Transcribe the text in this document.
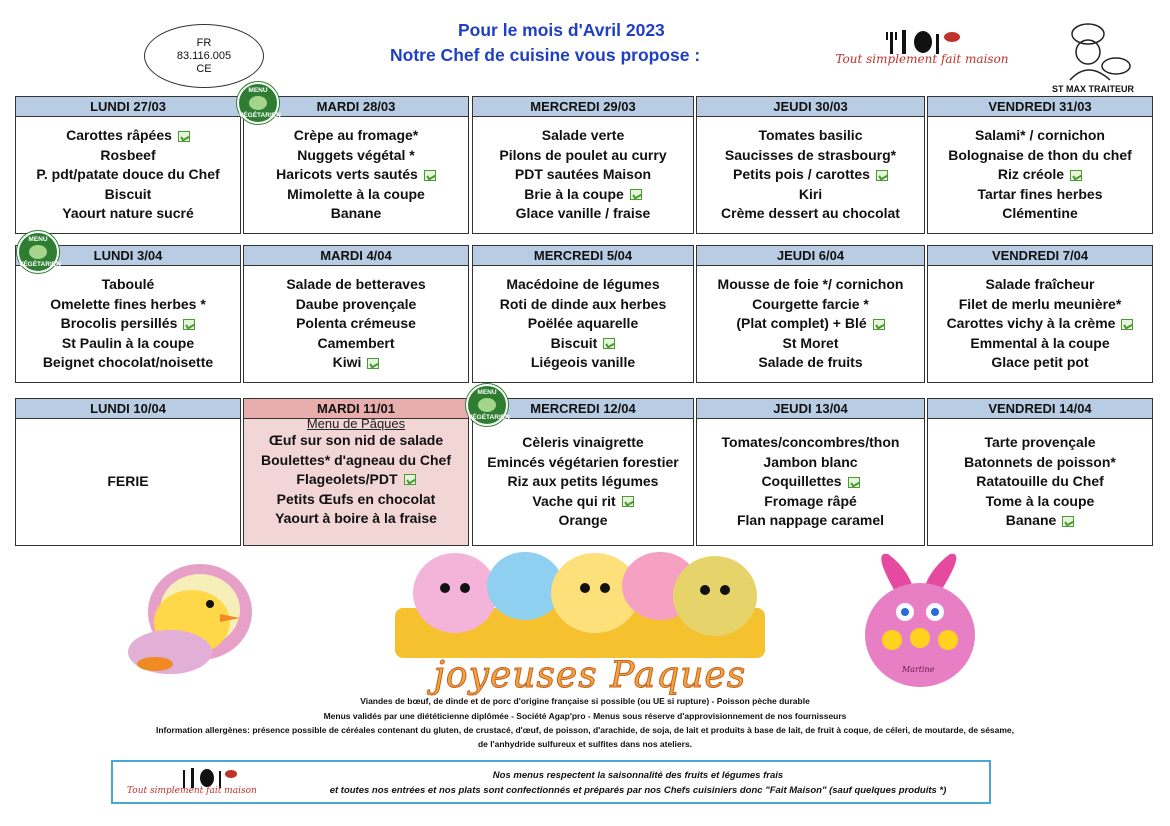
FR
83.116.005
CE
Pour le mois d'Avril 2023
Notre Chef de cuisine vous propose :	Tout simplement fait maison
ST MAX TRAITEUR
LUNDI 27/03
Carottes râpées
Rosbeef
P. pdt/patate douce du Chef
Biscuit
Yaourt nature sucré
MARDI 28/03
Crèpe au fromage*
Nuggets végétal *
Haricots verts sautés
Mimolette à la coupe
Banane
MENU
VÉGÉTARIEN
MERCREDI 29/03
Salade verte
Pilons de poulet au curry
PDT sautées Maison
Brie à la coupe
Glace vanille / fraise
JEUDI 30/03
Tomates basilic
Saucisses de strasbourg*
Petits pois / carottes
Kiri
Crème dessert au chocolat
VENDREDI 31/03
Salami* / cornichon
Bolognaise de thon du chef
Riz créole
Tartar fines herbes
Clémentine
LUNDI 3/04
Taboulé
Omelette fines herbes *
Brocolis persillés
St Paulin à la coupe
Beignet chocolat/noisette
MENU
VÉGÉTARIEN
MARDI 4/04
Salade de betteraves
Daube provençale
Polenta crémeuse
Camembert
Kiwi
MERCREDI 5/04
Macédoine de légumes
Roti de dinde aux herbes
Poëlée aquarelle
Biscuit
Liégeois vanille
JEUDI 6/04
Mousse de foie */ cornichon
Courgette farcie *
(Plat complet) + Blé
St Moret
Salade de fruits
VENDREDI 7/04
Salade fraîcheur
Filet de merlu meunière*
Carottes vichy à la crème
Emmental à la coupe
Glace petit pot
LUNDI 10/04
FERIE
MARDI 11/01
Menu de Pâques
Œuf sur son nid de salade
Boulettes* d'agneau du Chef
Flageolets/PDT
Petits Œufs en chocolat
Yaourt à boire à la fraise
MERCREDI 12/04
Cèleris vinaigrette
Emincés végétarien forestier
Riz aux petits légumes
Vache qui rit
Orange
MENU
VÉGÉTARIEN
JEUDI 13/04
Tomates/concombres/thon
Jambon blanc
Coquillettes
Fromage râpé
Flan nappage caramel
VENDREDI 14/04
Tarte provençale
Batonnets de poisson*
Ratatouille du Chef
Tome à la coupe
Banane
joyeuses Paques	Martine
Viandes de bœuf, de dinde et de porc d'origine française si possible (ou UE si rupture) - Poisson pèche durable
Menus validés par une diététicienne diplômée - Société Agap'pro - Menus sous réserve d'approvisionnement de nos fournisseurs
Information allergènes: présence possible de céréales contenant du gluten, de crustacé, d'œuf, de poisson, d'arachide, de soja, de lait et produits à base de lait, de fruit à coque, de céleri, de moutarde, de sésame,
de l'anhydride sulfureux et sulfites dans nos ateliers.
Tout simplement fait maison
Nos menus respectent la saisonnalité des fruits et légumes frais
et toutes nos entrées et nos plats sont confectionnés et préparés par nos Chefs cuisiniers donc "Fait Maison" (sauf quelques produits *)
